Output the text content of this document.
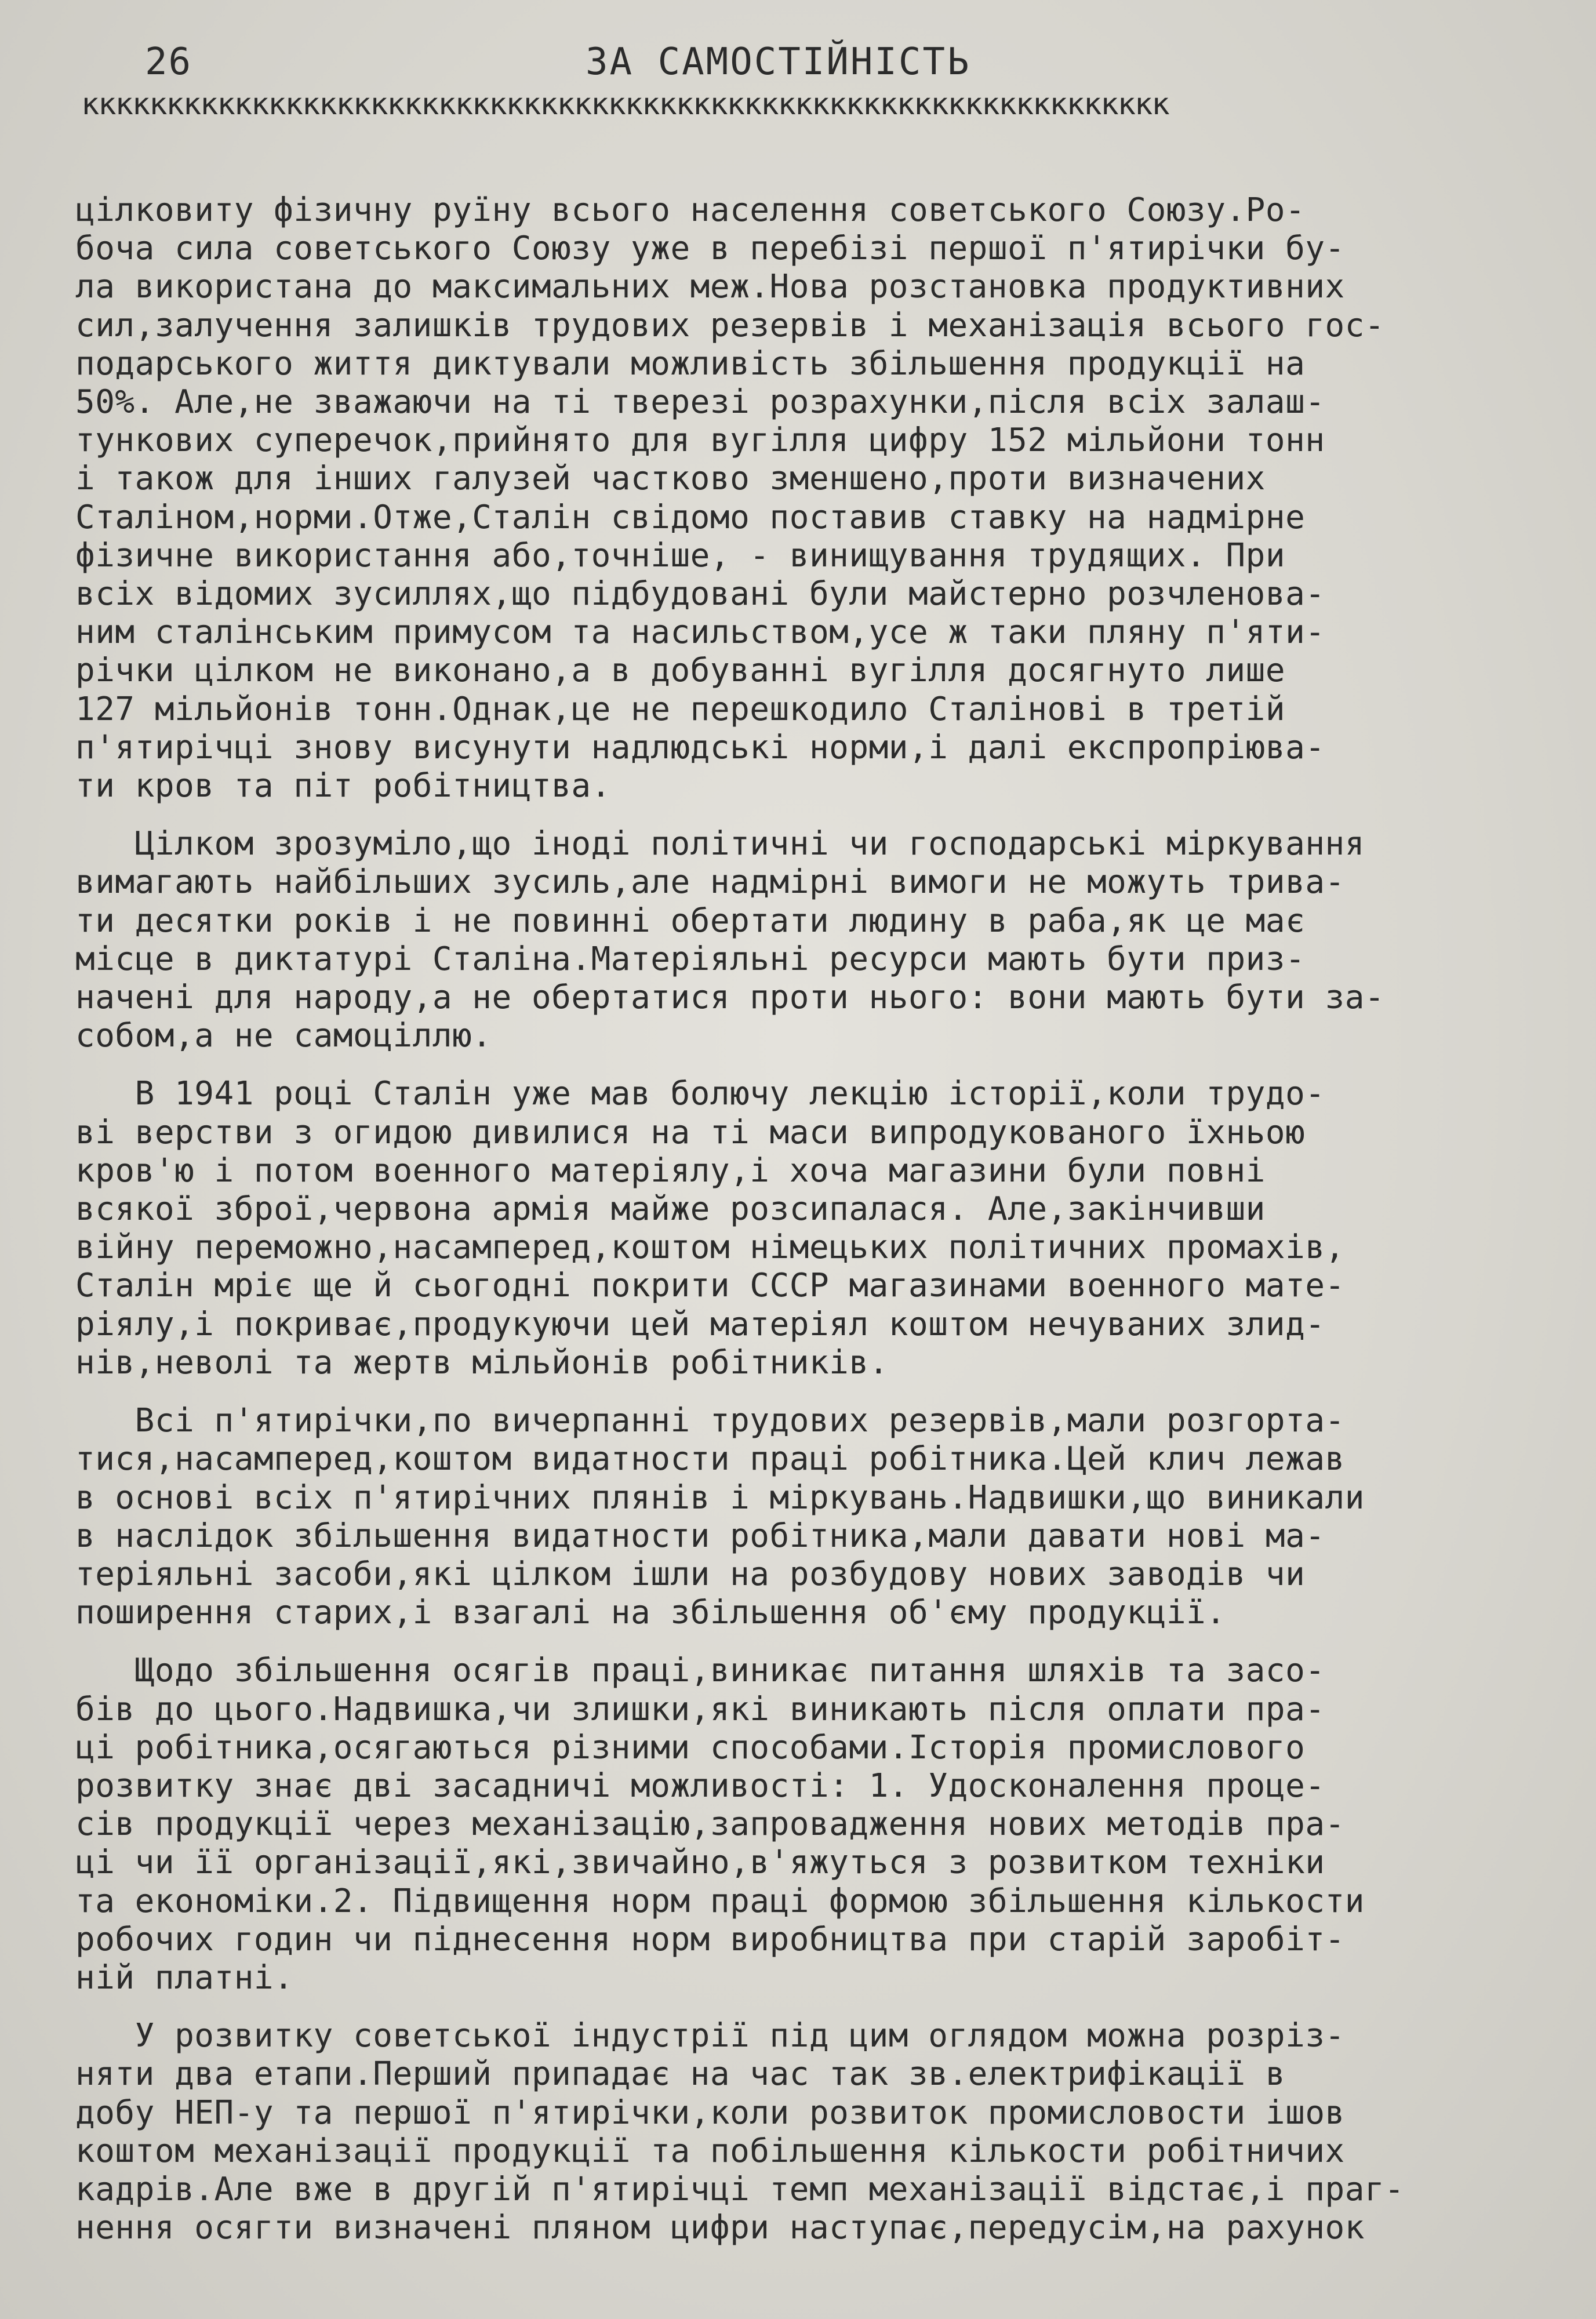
26	ЗА САМОСТІЙНІСТЬ
кккккккккккккккккккккккккккккккккккккккккккккккккккккккккккккккк
цілковиту фізичну руїну всього населення советського Союзу.Ро-
боча сила советського Союзу уже в перебізі першої п'ятирічки бу-
ла використана до максимальних меж.Нова розстановка продуктивних
сил,залучення залишків трудових резервів і механізація всього гос-
подарського життя диктували можливість збільшення продукції на
50%. Але,не зважаючи на ті тверезі розрахунки,після всіх залаш-
тункових суперечок,прийнято для вугілля цифру 152 мільйони тонн
і також для інших галузей частково зменшено,проти визначених
Сталіном,норми.Отже,Сталін свідомо поставив ставку на надмірне
фізичне використання або,точніше, - винищування трудящих. При
всіх відомих зусиллях,що підбудовані були майстерно розчленова-
ним сталінським примусом та насильством,усе ж таки пляну п'яти-
річки цілком не виконано,а в добуванні вугілля досягнуто лише
127 мільйонів тонн.Однак,це не перешкодило Сталінові в третій
п'ятирічці знову висунути надлюдські норми,і далі експропріюва-
ти кров та піт робітництва.
Цілком зрозуміло,що іноді політичні чи господарські міркування
вимагають найбільших зусиль,але надмірні вимоги не можуть трива-
ти десятки років і не повинні обертати людину в раба,як це має
місце в диктатурі Сталіна.Матеріяльні ресурси мають бути приз-
начені для народу,а не обертатися проти нього: вони мають бути за-
собом,а не самоціллю.
В 1941 році Сталін уже мав болючу лекцію історії,коли трудо-
ві верстви з огидою дивилися на ті маси випродукованого їхньою
кров'ю і потом военного матеріялу,і хоча магазини були повні
всякої зброї,червона армія майже розсипалася. Але,закінчивши
війну переможно,насамперед,коштом німецьких політичних промахів,
Сталін мріє ще й сьогодні покрити СССР магазинами военного мате-
ріялу,і покриває,продукуючи цей матеріял коштом нечуваних злид-
нів,неволі та жертв мільйонів робітників.
Всі п'ятирічки,по вичерпанні трудових резервів,мали розгорта-
тися,насамперед,коштом видатности праці робітника.Цей клич лежав
в основі всіх п'ятирічних плянів і міркувань.Надвишки,що виникали
в наслідок збільшення видатности робітника,мали давати нові ма-
теріяльні засоби,які цілком ішли на розбудову нових заводів чи
поширення старих,і взагалі на збільшення об'єму продукції.
Щодо збільшення осягів праці,виникає питання шляхів та засо-
бів до цього.Надвишка,чи злишки,які виникають після оплати пра-
ці робітника,осягаються різними способами.Історія промислового
розвитку знає дві засадничі можливості: 1. Удосконалення проце-
сів продукції через механізацію,запровадження нових методів пра-
ці чи її організації,які,звичайно,в'яжуться з розвитком техніки
та економіки.2. Підвищення норм праці формою збільшення кількости
робочих годин чи піднесення норм виробництва при старій заробіт-
ній платні.
У розвитку советської індустрії під цим оглядом можна розріз-
няти два етапи.Перший припадає на час так зв.електрифікації в
добу НЕП-у та першої п'ятирічки,коли розвиток промисловости ішов
коштом механізації продукції та побільшення кількости робітничих
кадрів.Але вже в другій п'ятирічці темп механізації відстає,і праг-
нення осягти визначені пляном цифри наступає,передусім,на рахунок
